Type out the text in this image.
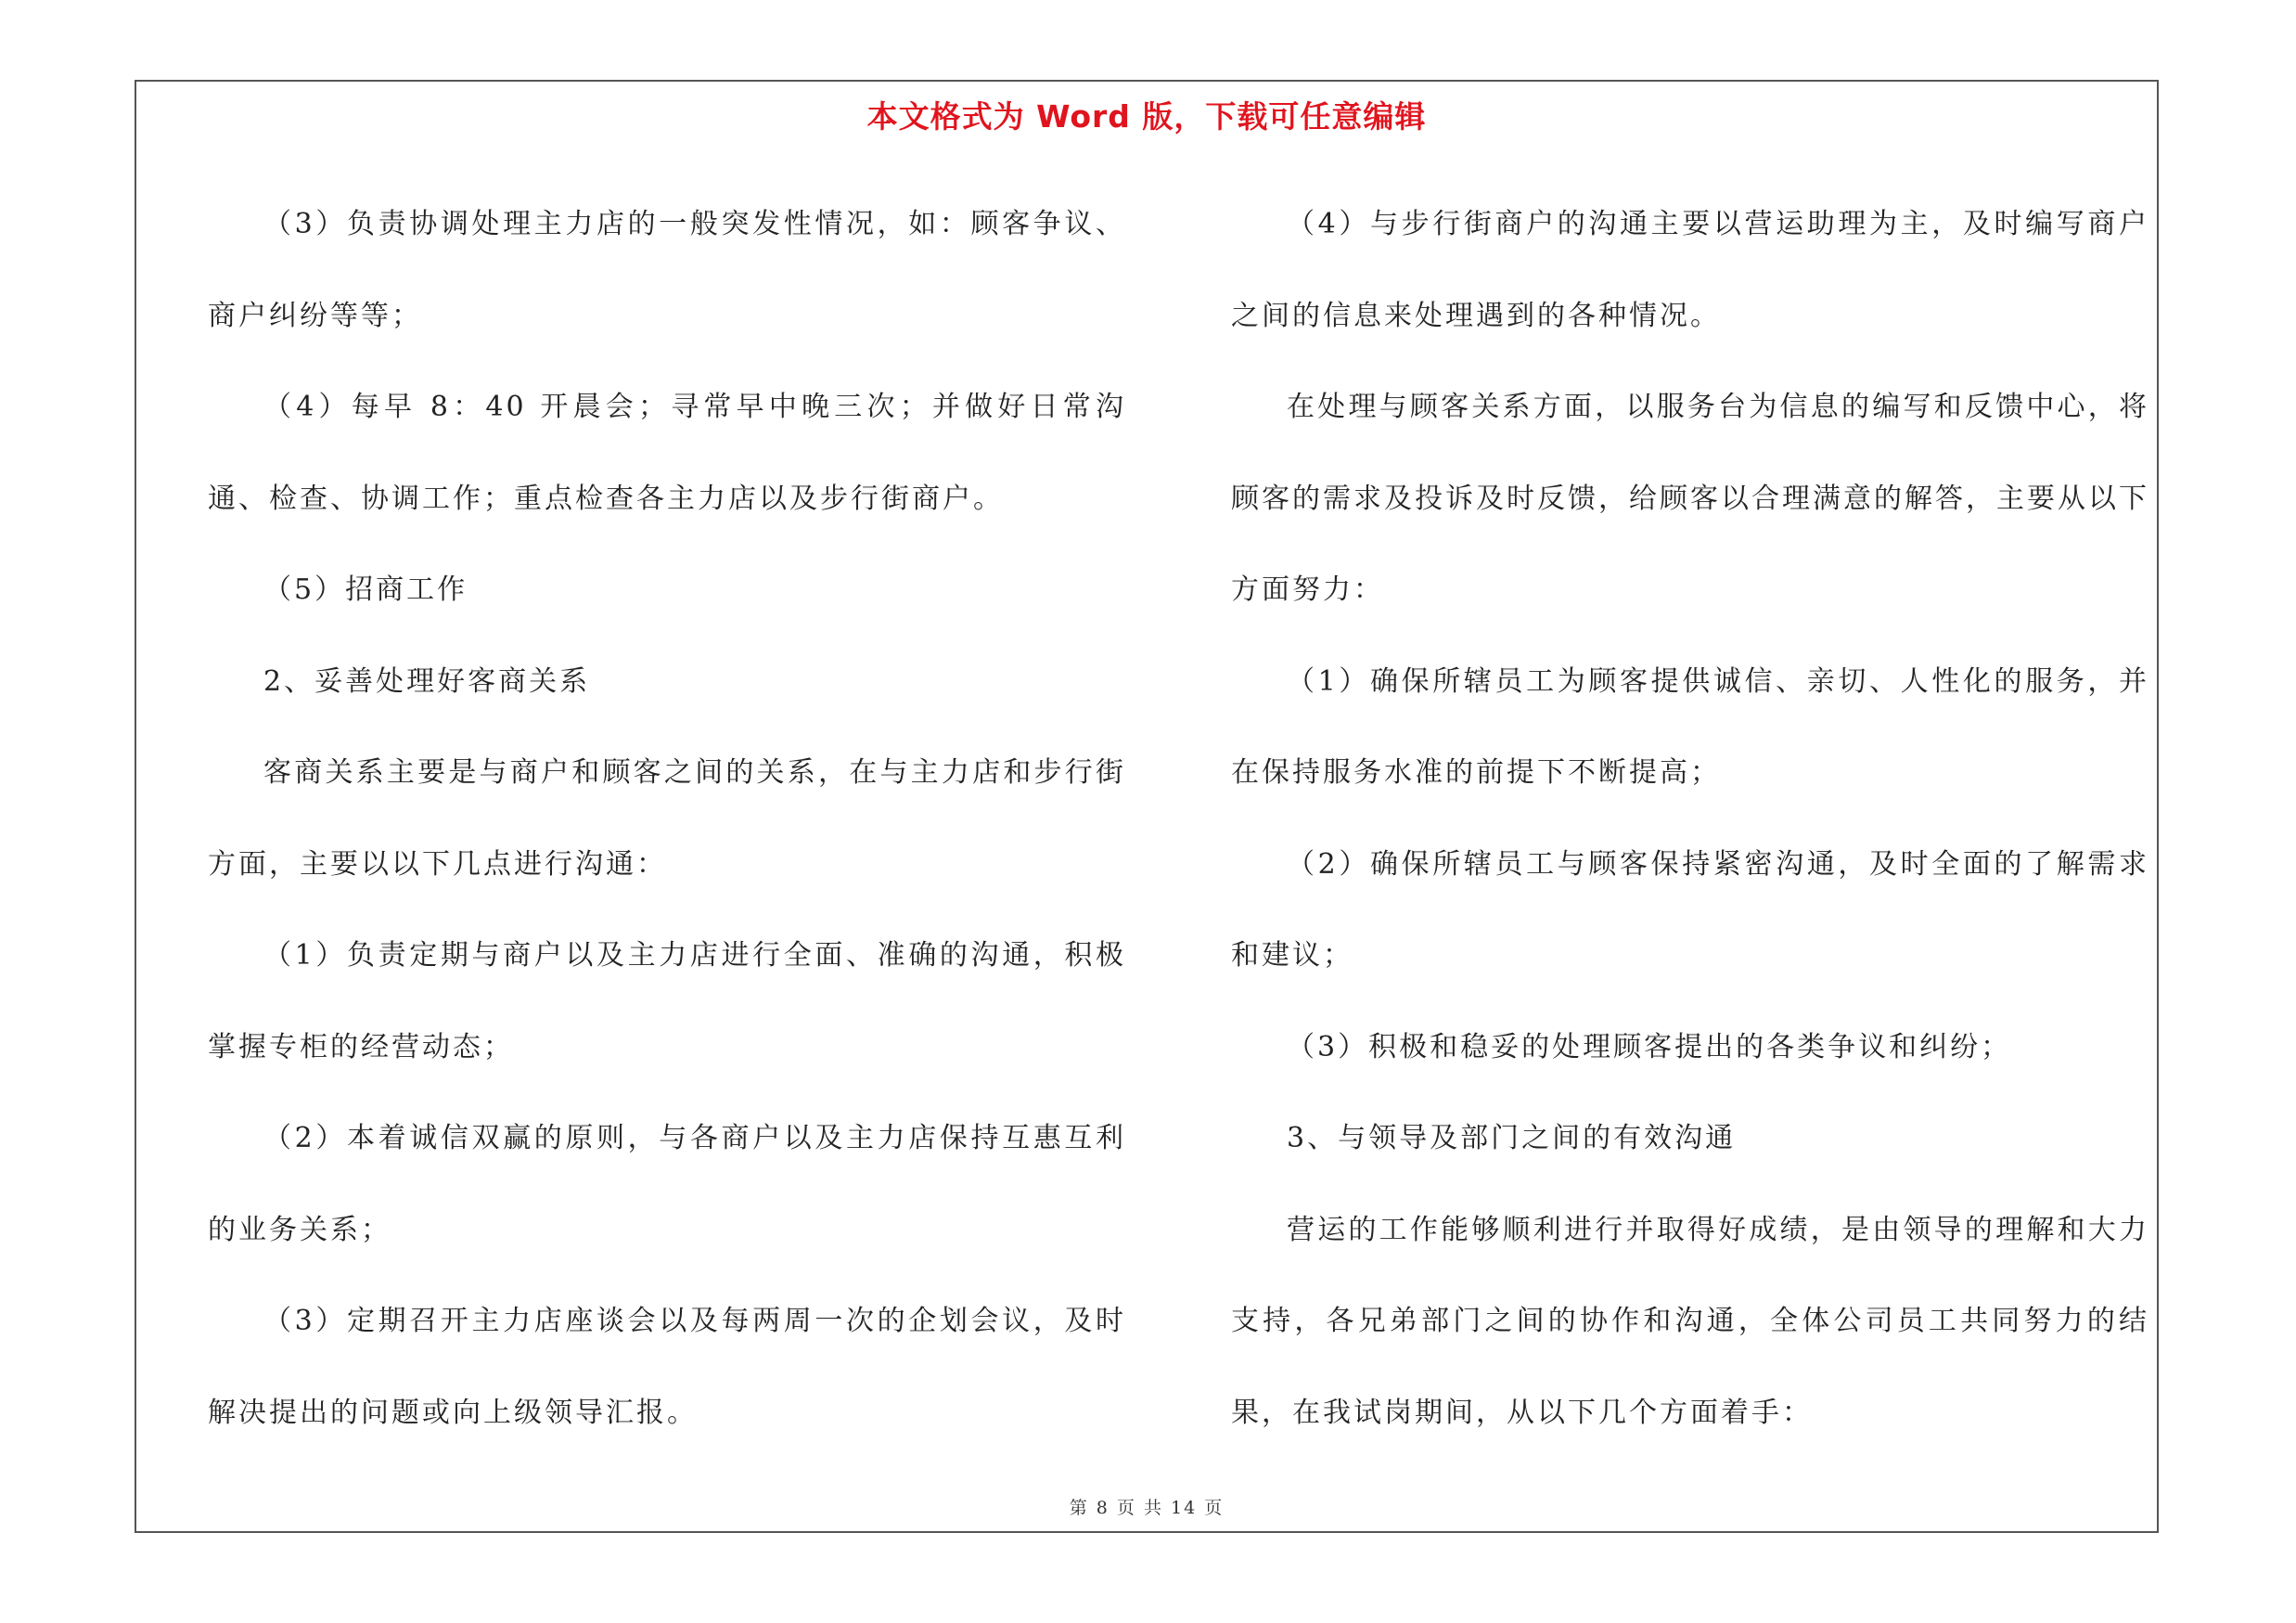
本文格式为 Word 版，下载可任意编辑

（3）负责协调处理主力店的一般突发性情况，如：顾客争议、商户纠纷等等；

（4）每早 8：40 开晨会；寻常早中晚三次；并做好日常沟通、检查、协调工作；重点检查各主力店以及步行街商户。

（5）招商工作

2、妥善处理好客商关系

客商关系主要是与商户和顾客之间的关系，在与主力店和步行街方面，主要以以下几点进行沟通：

（1）负责定期与商户以及主力店进行全面、准确的沟通，积极掌握专柜的经营动态；

（2）本着诚信双赢的原则，与各商户以及主力店保持互惠互利的业务关系；

（3）定期召开主力店座谈会以及每两周一次的企划会议，及时解决提出的问题或向上级领导汇报。

（4）与步行街商户的沟通主要以营运助理为主，及时编写商户之间的信息来处理遇到的各种情况。

在处理与顾客关系方面，以服务台为信息的编写和反馈中心，将顾客的需求及投诉及时反馈，给顾客以合理满意的解答，主要从以下方面努力：

（1）确保所辖员工为顾客提供诚信、亲切、人性化的服务，并在保持服务水准的前提下不断提高；

（2）确保所辖员工与顾客保持紧密沟通，及时全面的了解需求和建议；

（3）积极和稳妥的处理顾客提出的各类争议和纠纷；

3、与领导及部门之间的有效沟通

营运的工作能够顺利进行并取得好成绩，是由领导的理解和大力支持，各兄弟部门之间的协作和沟通，全体公司员工共同努力的结果，在我试岗期间，从以下几个方面着手：

第 8 页 共 14 页
